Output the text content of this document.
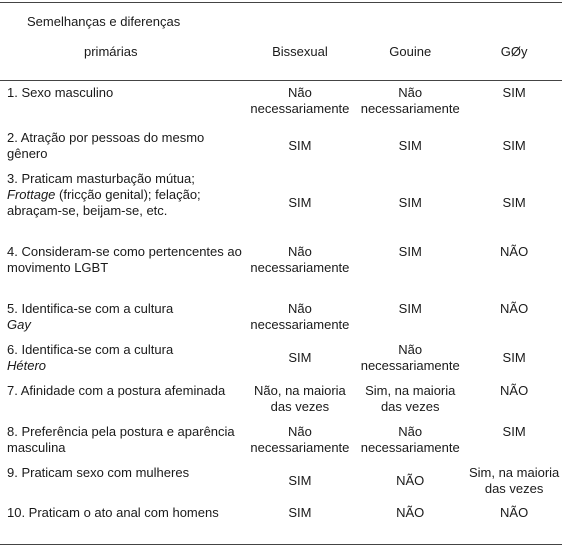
Semelhanças e diferenças			
primárias	Bissexual	Gouine	GØy
1. Sexo masculino	Não necessariamente	Não necessariamente	SIM
2. Atração por pessoas do mesmo gênero	SIM	SIM	SIM
3. Praticam masturbação mútua;
Frottage (fricção genital); felação; abraçam-se, beijam-se, etc.	SIM	SIM	SIM
4. Consideram-se como pertencentes ao movimento LGBT	Não necessariamente	SIM	NÃO
5. Identifica-se com a cultura
Gay	Não necessariamente	SIM	NÃO
6. Identifica-se com a cultura
Hétero	SIM	Não necessariamente	SIM
7. Afinidade com a postura afeminada	Não, na maioria das vezes	Sim, na maioria das vezes	NÃO
8. Preferência pela postura e aparência masculina	Não necessariamente	Não necessariamente	SIM
9. Praticam sexo com mulheres	SIM	NÃO	Sim, na maioria das vezes
10. Praticam o ato anal com homens	SIM	NÃO	NÃO
